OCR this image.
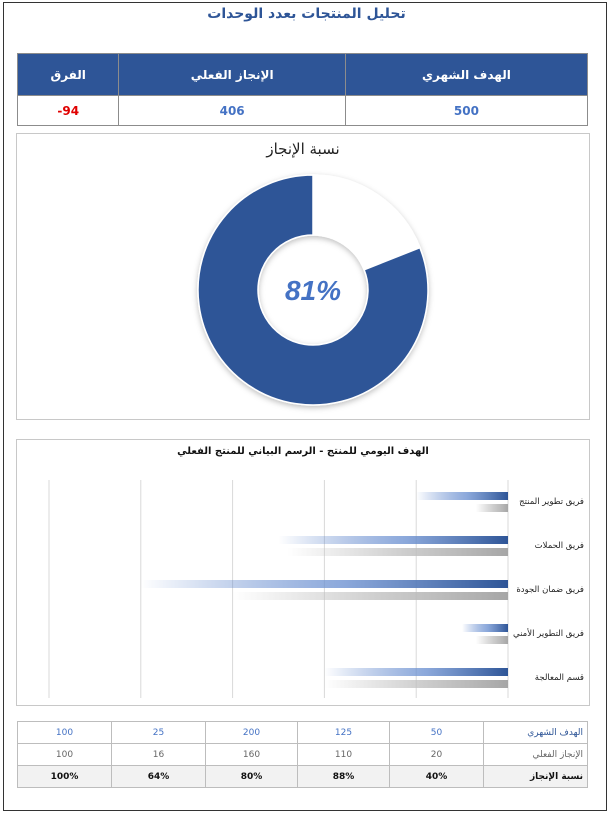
تحليل المنتجات بعدد الوحدات
الفرق	الإنجاز الفعلي	الهدف الشهري
-94	406	500
81%
نسبة الإنجاز
فريق تطوير المنتج
فريق الحملات
فريق ضمان الجودة
فريق التطوير الأمني
قسم المعالجة
الهدف اليومي للمنتج - الرسم البياني للمنتج الفعلي
100	25	200	125	50	الهدف الشهري
100	16	160	110	20	الإنجاز الفعلي
100%	64%	80%	88%	40%	نسبة الإنجاز
